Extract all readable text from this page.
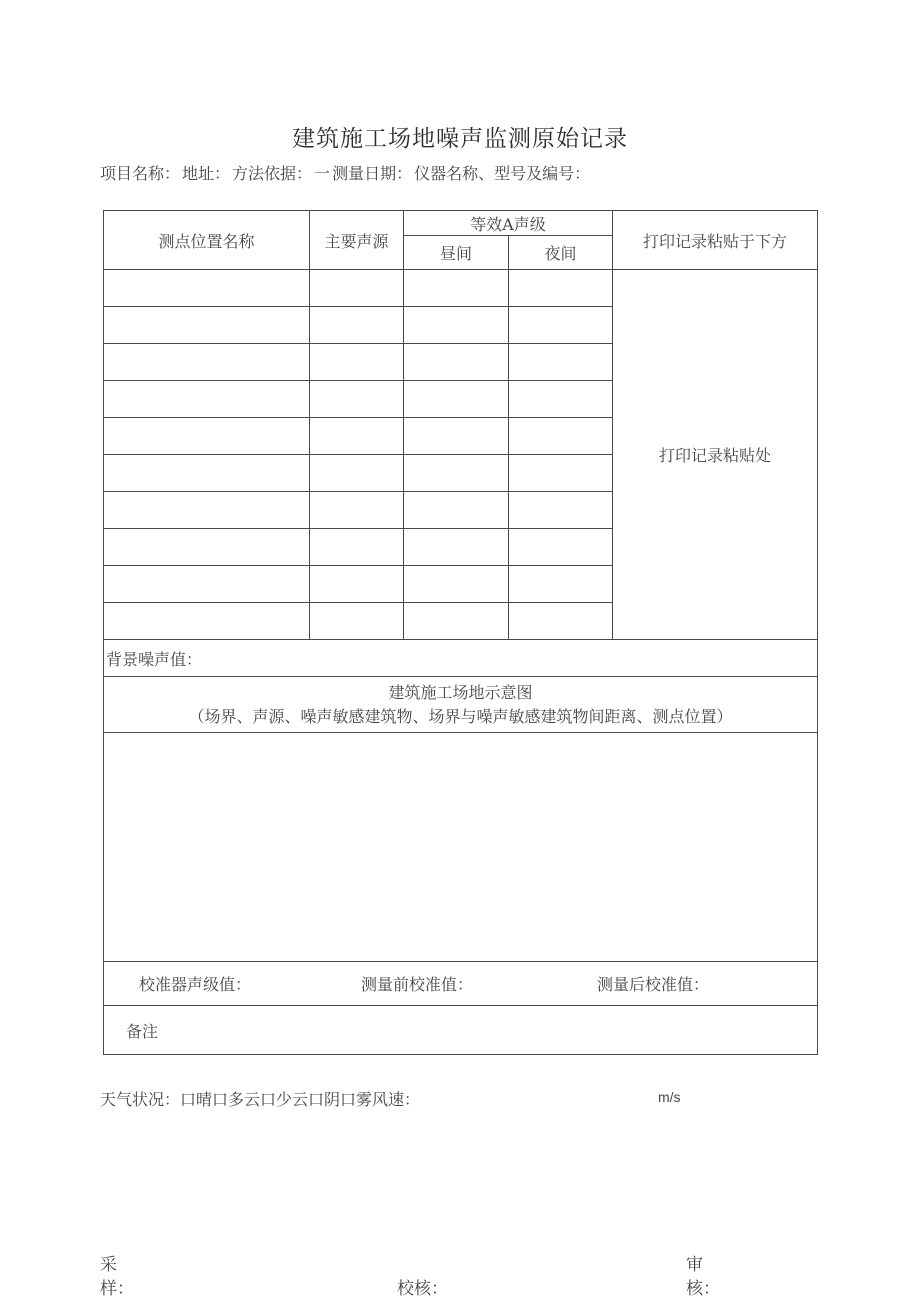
建筑施工场地噪声监测原始记录
项目名称： 地址： 方法依据： 一 测量日期： 仪器名称、型号及编号：
测点位置名称	主要声源	等效A声级		打印记录粘贴于下方
		昼间	夜间	
				打印记录粘贴处

背景噪声值：				

建筑施工场地示意图
（场界、声源、噪声敏感建筑物、场界与噪声敏感建筑物间距离、测点位置）				

校准器声级值： 测量前校准值： 测量后校准值：				

备注				
天气状况：口晴口多云口少云口阴口雾风速：	m/s
采
样：	校核：
审
核：
